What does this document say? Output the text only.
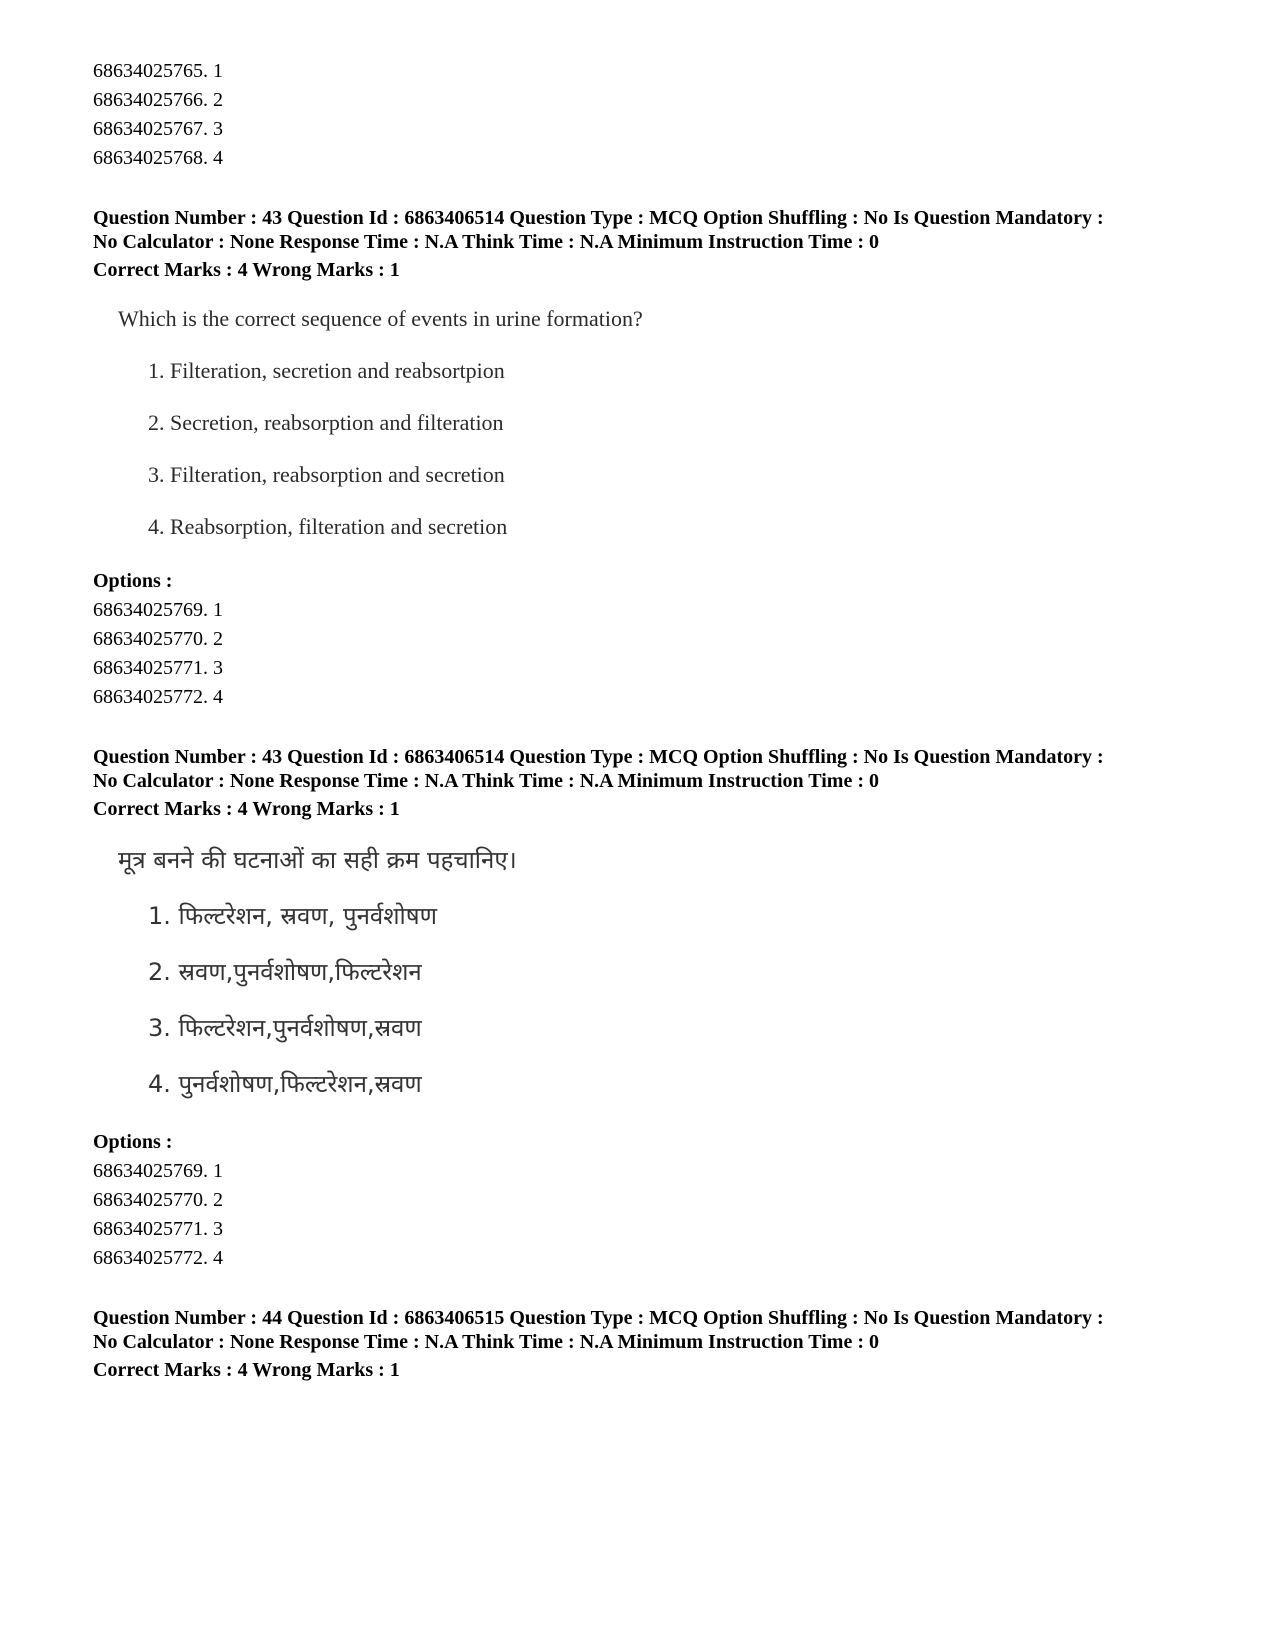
68634025765. 1
68634025766. 2
68634025767. 3
68634025768. 4
Question Number : 43 Question Id : 6863406514 Question Type : MCQ Option Shuffling : No Is Question Mandatory :
No Calculator : None Response Time : N.A Think Time : N.A Minimum Instruction Time : 0
Correct Marks : 4 Wrong Marks : 1
Which is the correct sequence of events in urine formation?
1. Filteration, secretion and reabsortpion
2. Secretion, reabsorption and filteration
3. Filteration, reabsorption and secretion
4. Reabsorption, filteration and secretion
Options :
68634025769. 1
68634025770. 2
68634025771. 3
68634025772. 4
Question Number : 43 Question Id : 6863406514 Question Type : MCQ Option Shuffling : No Is Question Mandatory :
No Calculator : None Response Time : N.A Think Time : N.A Minimum Instruction Time : 0
Correct Marks : 4 Wrong Marks : 1
मूत्र बनने की घटनाओं का सही क्रम पहचानिए।
1. फिल्टरेशन, स्रवण, पुनर्वशोषण
2. स्रवण,पुनर्वशोषण,फिल्टरेशन
3. फिल्टरेशन,पुनर्वशोषण,स्रवण
4. पुनर्वशोषण,फिल्टरेशन,स्रवण
Options :
68634025769. 1
68634025770. 2
68634025771. 3
68634025772. 4
Question Number : 44 Question Id : 6863406515 Question Type : MCQ Option Shuffling : No Is Question Mandatory :
No Calculator : None Response Time : N.A Think Time : N.A Minimum Instruction Time : 0
Correct Marks : 4 Wrong Marks : 1
